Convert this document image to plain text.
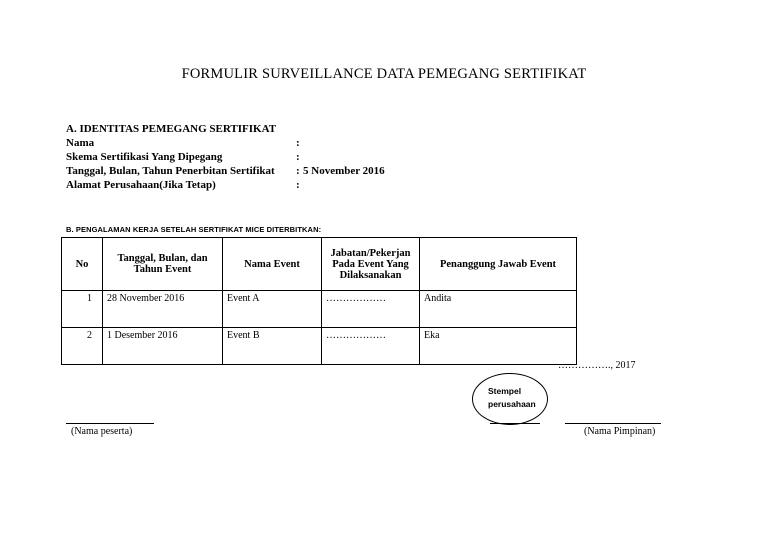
FORMULIR SURVEILLANCE DATA PEMEGANG SERTIFIKAT
A. IDENTITAS PEMEGANG SERTIFIKAT
Nama	:
Skema Sertifikasi Yang Dipegang	:
Tanggal, Bulan, Tahun Penerbitan Sertifikat : 5 November 2016
Alamat Perusahaan(Jika Tetap)	:
B. PENGALAMAN KERJA SETELAH SERTIFIKAT MICE DITERBITKAN:
No	Tanggal, Bulan, dan Tahun Event	Nama Event	Jabatan/Pekerjan Pada Event Yang Dilaksanakan	Penanggung Jawab Event
1	28 November 2016	Event A	………………	Andita
2	1 Desember 2016	Event B	………………	Eka
……………., 2017
Stempel perusahaan
(Nama peserta)	(Nama Pimpinan)
